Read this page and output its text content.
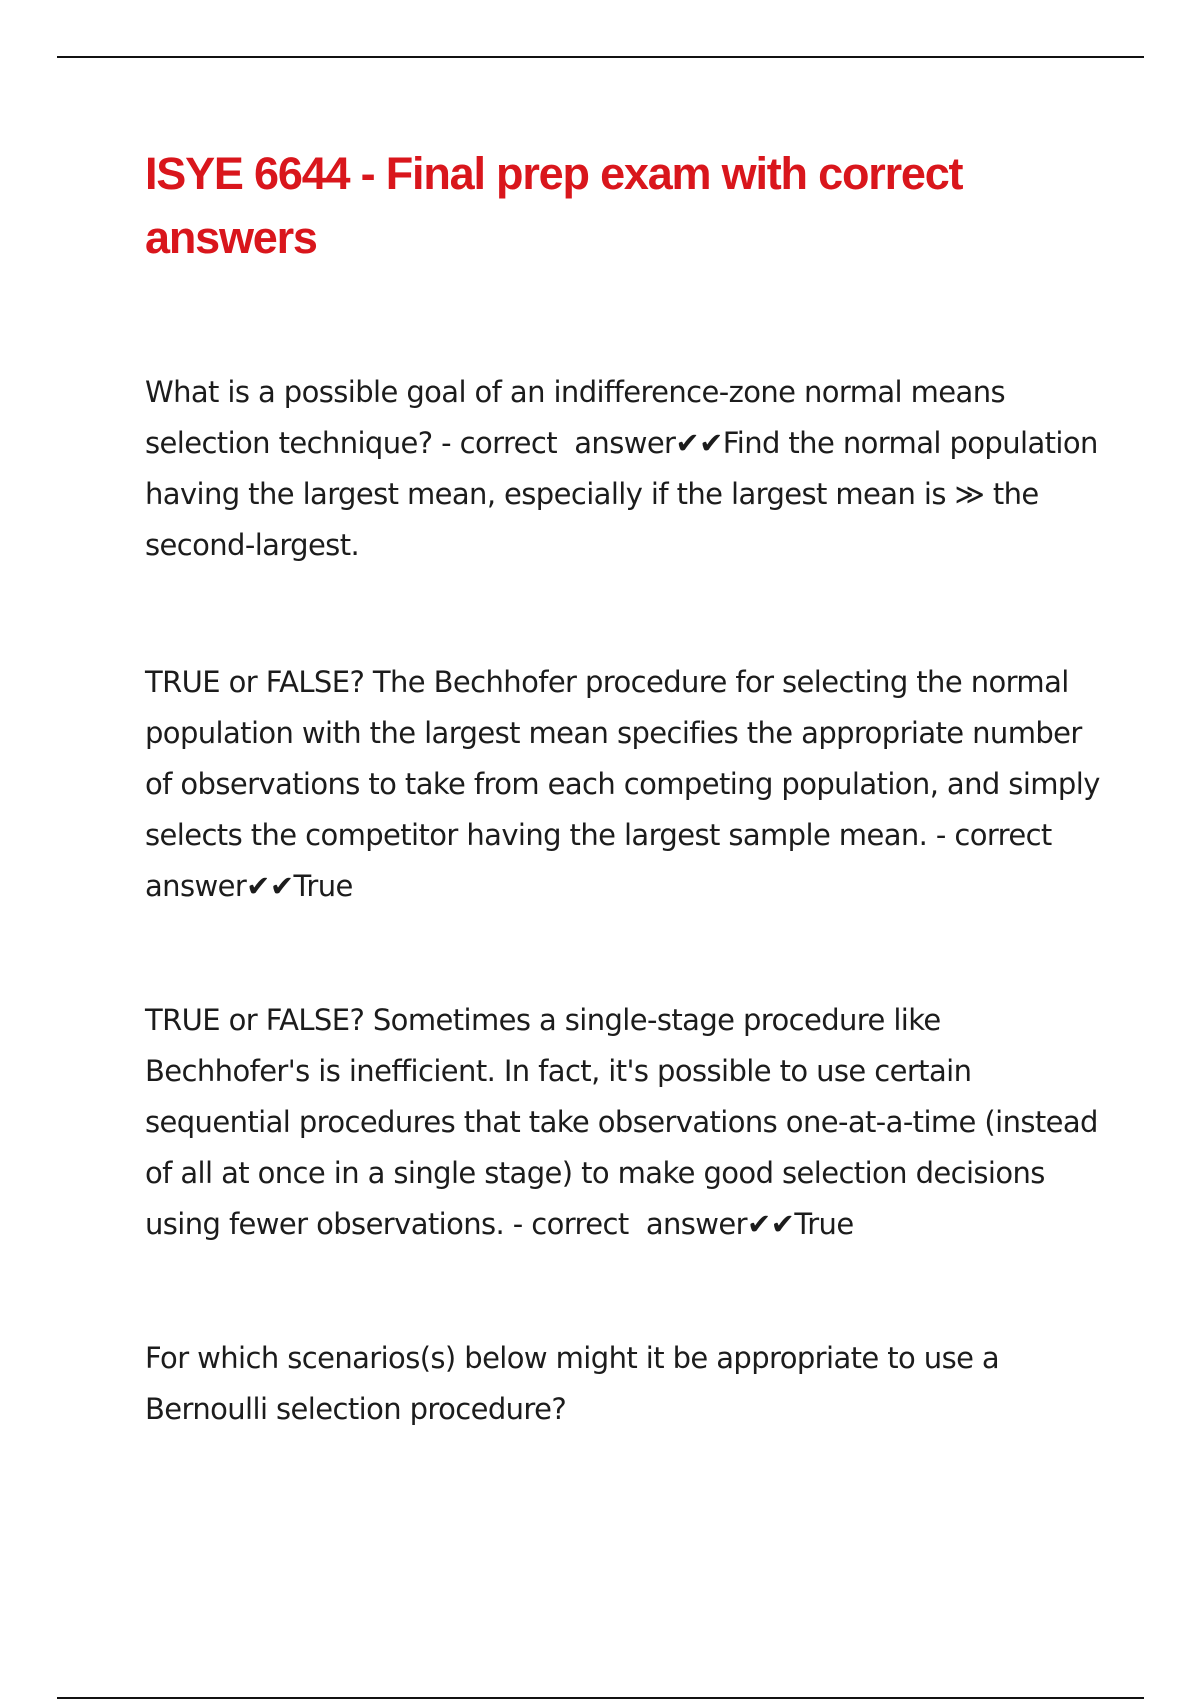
ISYE 6644 - Final prep exam with correct answers

What is a possible goal of an indifference-zone normal means selection technique? - correct  answer✔✔Find the normal population having the largest mean, especially if the largest mean is ≫ the second-largest.

TRUE or FALSE? The Bechhofer procedure for selecting the normal population with the largest mean specifies the appropriate number of observations to take from each competing population, and simply selects the competitor having the largest sample mean. - correct  answer✔✔True

TRUE or FALSE? Sometimes a single-stage procedure like Bechhofer's is inefficient. In fact, it's possible to use certain sequential procedures that take observations one-at-a-time (instead of all at once in a single stage) to make good selection decisions using fewer observations. - correct  answer✔✔True

For which scenarios(s) below might it be appropriate to use a Bernoulli selection procedure?
